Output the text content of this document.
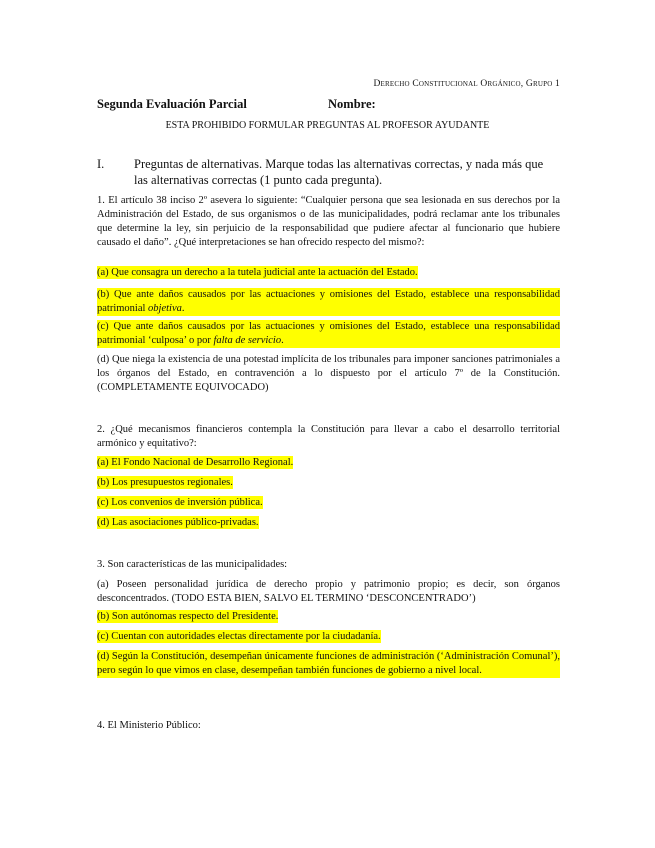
Derecho Constitucional Orgánico, Grupo 1
Segunda Evaluación Parcial	Nombre:
ESTA PROHIBIDO FORMULAR PREGUNTAS AL PROFESOR AYUDANTE
I. Preguntas de alternativas. Marque todas las alternativas correctas, y nada más que las alternativas correctas (1 punto cada pregunta).
1. El artículo 38 inciso 2º asevera lo siguiente: “Cualquier persona que sea lesionada en sus derechos por la Administración del Estado, de sus organismos o de las municipalidades, podrá reclamar ante los tribunales que determine la ley, sin perjuicio de la responsabilidad que pudiere afectar al funcionario que hubiere causado el daño”. ¿Qué interpretaciones se han ofrecido respecto del mismo?:
(a) Que consagra un derecho a la tutela judicial ante la actuación del Estado.
(b) Que ante daños causados por las actuaciones y omisiones del Estado, establece una responsabilidad patrimonial objetiva.
(c) Que ante daños causados por las actuaciones y omisiones del Estado, establece una responsabilidad patrimonial ‘culposa’ o por falta de servicio.
(d) Que niega la existencia de una potestad implícita de los tribunales para imponer sanciones patrimoniales a los órganos del Estado, en contravención a lo dispuesto por el artículo 7º de la Constitución. (COMPLETAMENTE EQUIVOCADO)
2. ¿Qué mecanismos financieros contempla la Constitución para llevar a cabo el desarrollo territorial armónico y equitativo?:
(a) El Fondo Nacional de Desarrollo Regional.
(b) Los presupuestos regionales.
(c) Los convenios de inversión pública.
(d) Las asociaciones público-privadas.
3. Son características de las municipalidades:
(a) Poseen personalidad jurídica de derecho propio y patrimonio propio; es decir, son órganos desconcentrados. (TODO ESTA BIEN, SALVO EL TERMINO ‘DESCONCENTRADO’)
(b) Son autónomas respecto del Presidente.
(c) Cuentan con autoridades electas directamente por la ciudadanía.
(d) Según la Constitución, desempeñan únicamente funciones de administración (‘Administración Comunal’), pero según lo que vimos en clase, desempeñan también funciones de gobierno a nivel local.
4. El Ministerio Público:
